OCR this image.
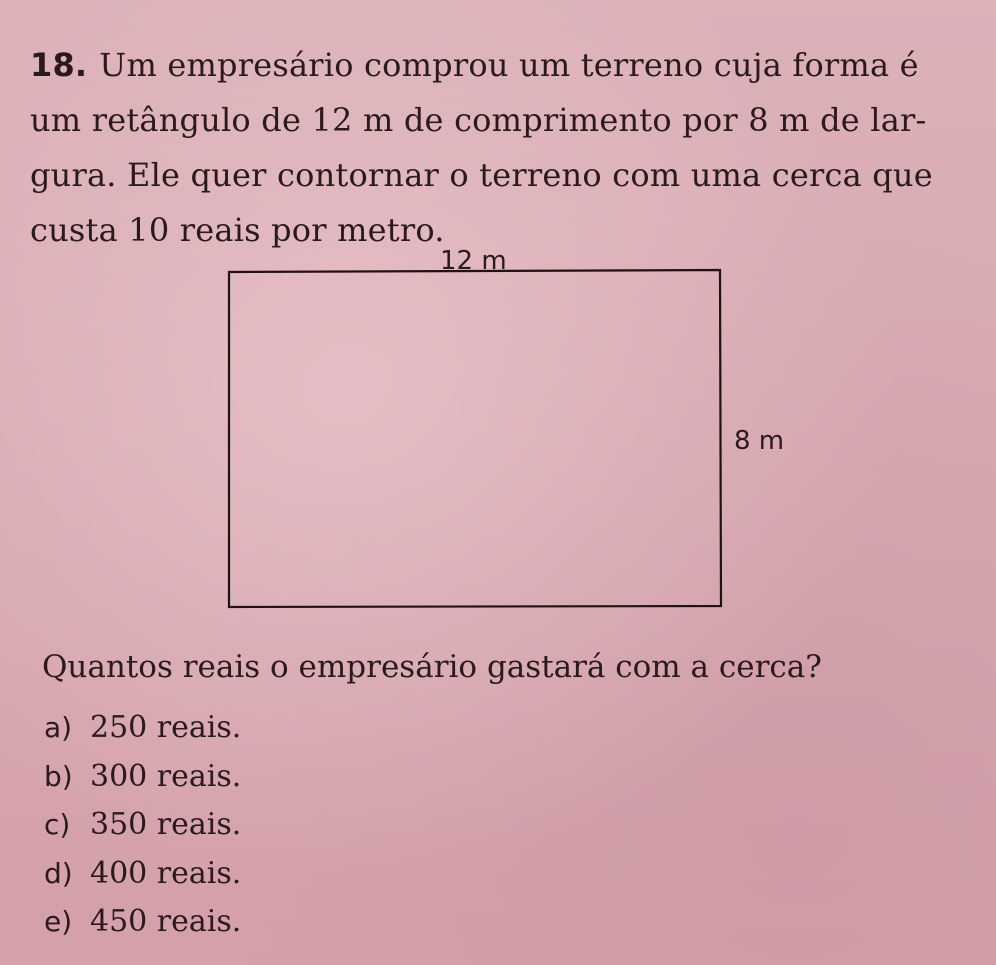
18. Um empresário comprou um terreno cuja forma é
um retângulo de 12 m de comprimento por 8 m de lar-
gura. Ele quer contornar o terreno com uma cerca que
custa 10 reais por metro.

12 m
8 m

Quantos reais o empresário gastará com a cerca?

a) 250 reais.
b) 300 reais.
c) 350 reais.
d) 400 reais.
e) 450 reais.
